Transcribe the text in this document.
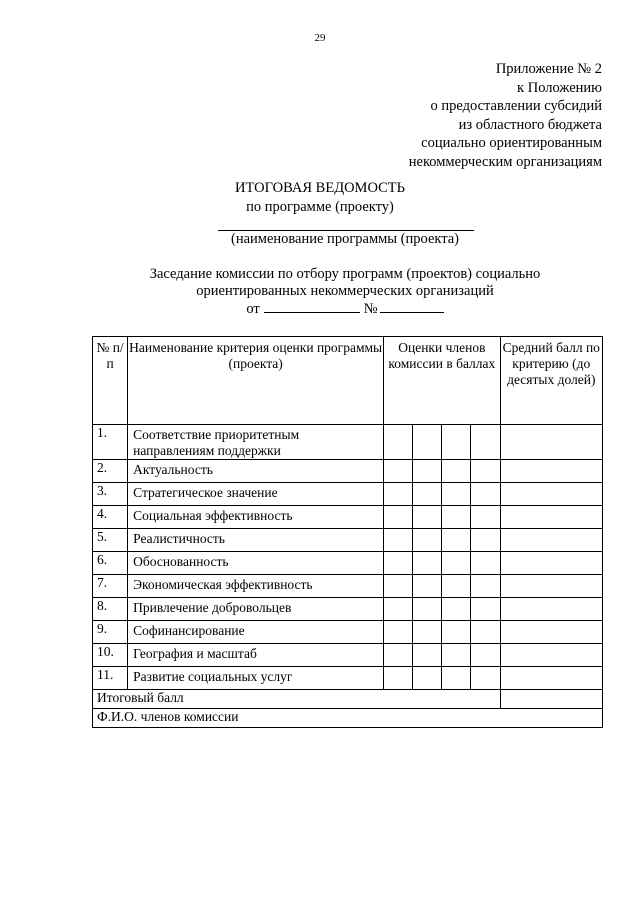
29
Приложение № 2
к Положению
о предоставлении субсидий
из областного бюджета
социально ориентированным
некоммерческим организациям
ИТОГОВАЯ ВЕДОМОСТЬ
по программе (проекту)
(наименование программы (проекта)
Заседание комиссии по отбору программ (проектов) социально
ориентированных некоммерческих организаций
от	№
№ п/п	Наименование критерия оценки программы (проекта)	Оценки членов комиссии в баллах				Средний балл по критерию (до десятых долей)
1.	Соответствие приоритетным направлениям поддержки					
2.	Актуальность					
3.	Стратегическое значение					
4.	Социальная эффективность					
5.	Реалистичность					
6.	Обоснованность					
7.	Экономическая эффективность					
8.	Привлечение добровольцев					
9.	Софинансирование					
10.	География и масштаб					
11.	Развитие социальных услуг					
Итоговый балл						
Ф.И.О. членов комиссии						
